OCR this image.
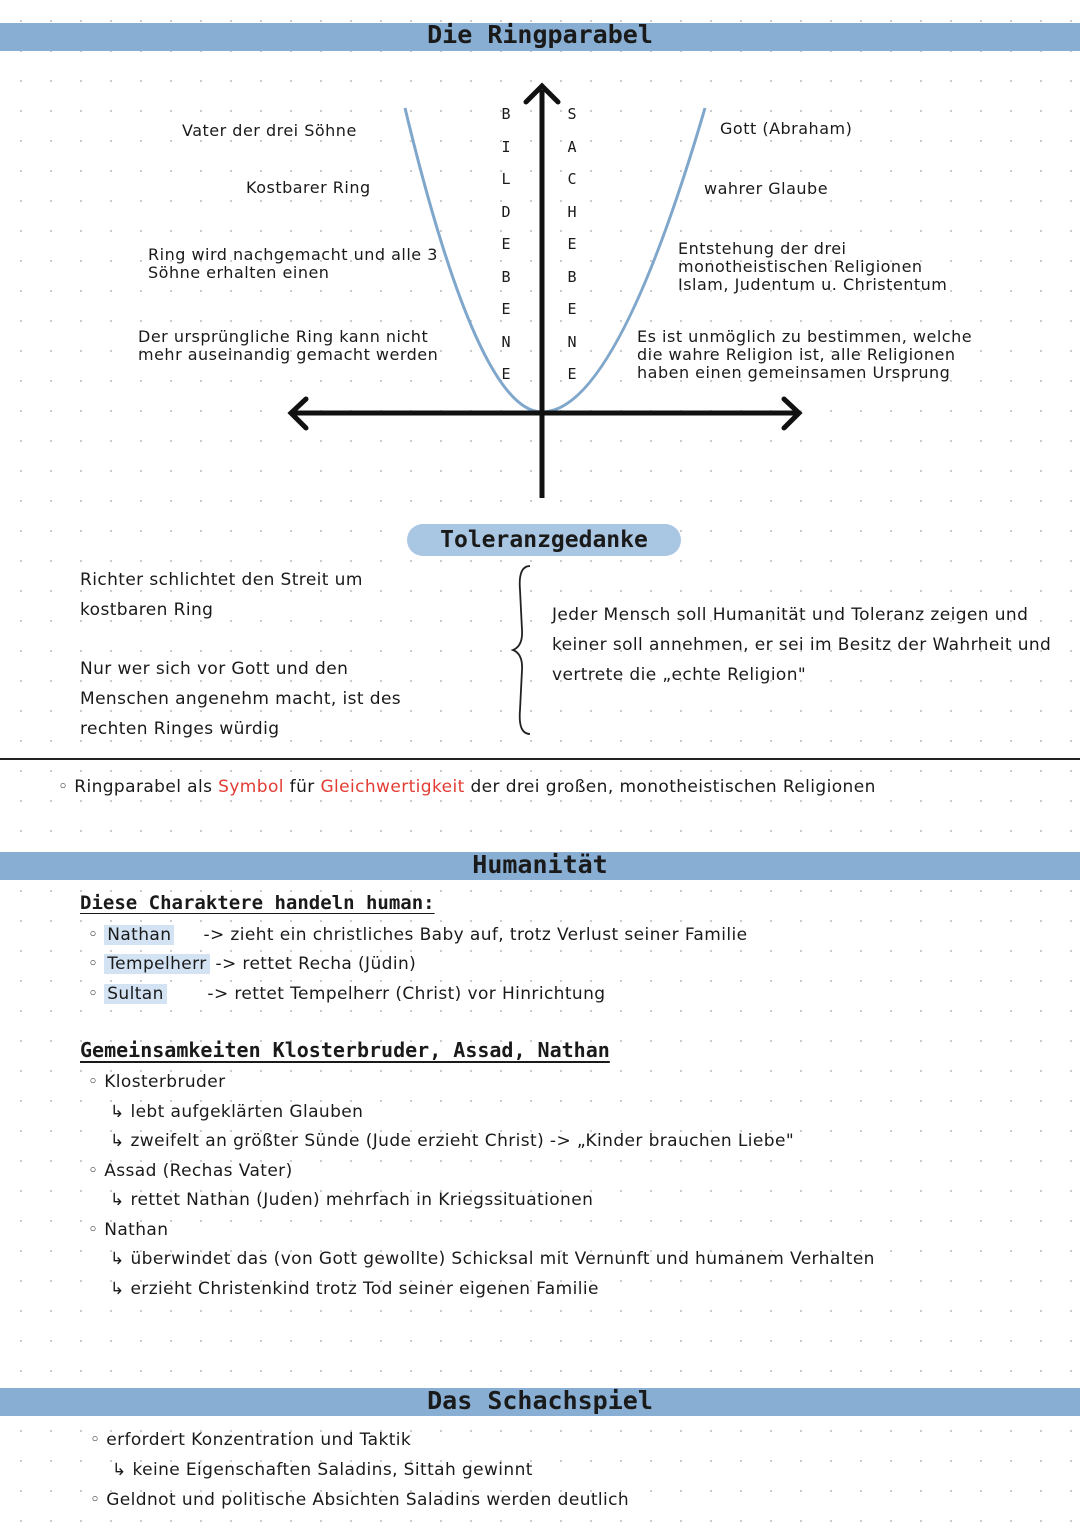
Die Ringparabel
B
I
L
D
E
B
E
N
E
S
A
C
H
E
B
E
N
E
Vater der drei Söhne
Kostbarer Ring
Ring wird nachgemacht und alle 3 Söhne erhalten einen
Der ursprüngliche Ring kann nicht mehr auseinandig gemacht werden
Gott (Abraham)
wahrer Glaube
Entstehung der drei monotheistischen Religionen Islam, Judentum u. Christentum
Es ist unmöglich zu bestimmen, welche die wahre Religion ist, alle Religionen haben einen gemeinsamen Ursprung
Toleranzgedanke
Richter schlichtet den Streit um kostbaren Ring
Nur wer sich vor Gott und den Menschen angenehm macht, ist des rechten Ringes würdig
Jeder Mensch soll Humanität und Toleranz zeigen und keiner soll annehmen, er sei im Besitz der Wahrheit und vertrete die „echte Religion"
◦ Ringparabel als Symbol für Gleichwertigkeit der drei großen, monotheistischen Religionen
Humanität
Diese Charaktere handeln human:
◦ Nathan -> zieht ein christliches Baby auf, trotz Verlust seiner Familie
◦ Tempelherr -> rettet Recha (Jüdin)
◦ Sultan	-> rettet Tempelherr (Christ) vor Hinrichtung
Gemeinsamkeiten Klosterbruder, Assad, Nathan
◦ Klosterbruder
↳ lebt aufgeklärten Glauben
↳ zweifelt an größter Sünde (Jude erzieht Christ) -> „Kinder brauchen Liebe"
◦ Assad (Rechas Vater)
↳ rettet Nathan (Juden) mehrfach in Kriegssituationen
◦ Nathan
↳ überwindet das (von Gott gewollte) Schicksal mit Vernunft und humanem Verhalten
↳ erzieht Christenkind trotz Tod seiner eigenen Familie
Das Schachspiel
◦ erfordert Konzentration und Taktik
↳ keine Eigenschaften Saladins, Sittah gewinnt
◦ Geldnot und politische Absichten Saladins werden deutlich
